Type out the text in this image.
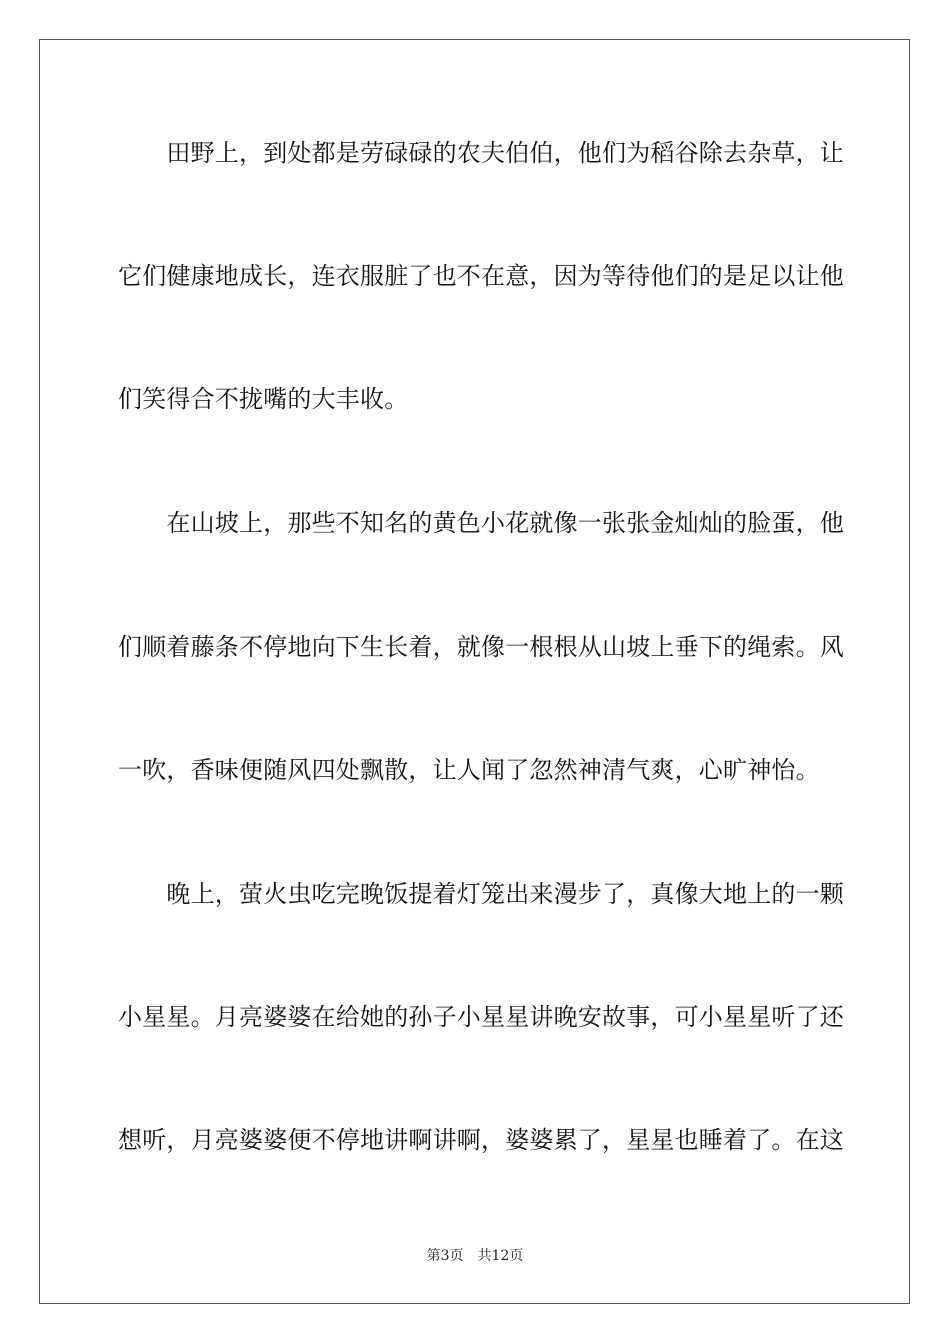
　　田野上，到处都是劳碌碌的农夫伯伯，他们为稻谷除去杂草，让
它们健康地成长，连衣服脏了也不在意，因为等待他们的是足以让他
们笑得合不拢嘴的大丰收。
　　在山坡上，那些不知名的黄色小花就像一张张金灿灿的脸蛋，他
们顺着藤条不停地向下生长着，就像一根根从山坡上垂下的绳索。风
一吹，香味便随风四处飘散，让人闻了忽然神清气爽，心旷神怡。
　　晚上，萤火虫吃完晚饭提着灯笼出来漫步了，真像大地上的一颗
小星星。月亮婆婆在给她的孙子小星星讲晚安故事，可小星星听了还
想听，月亮婆婆便不停地讲啊讲啊，婆婆累了，星星也睡着了。在这
第3页 共12页
